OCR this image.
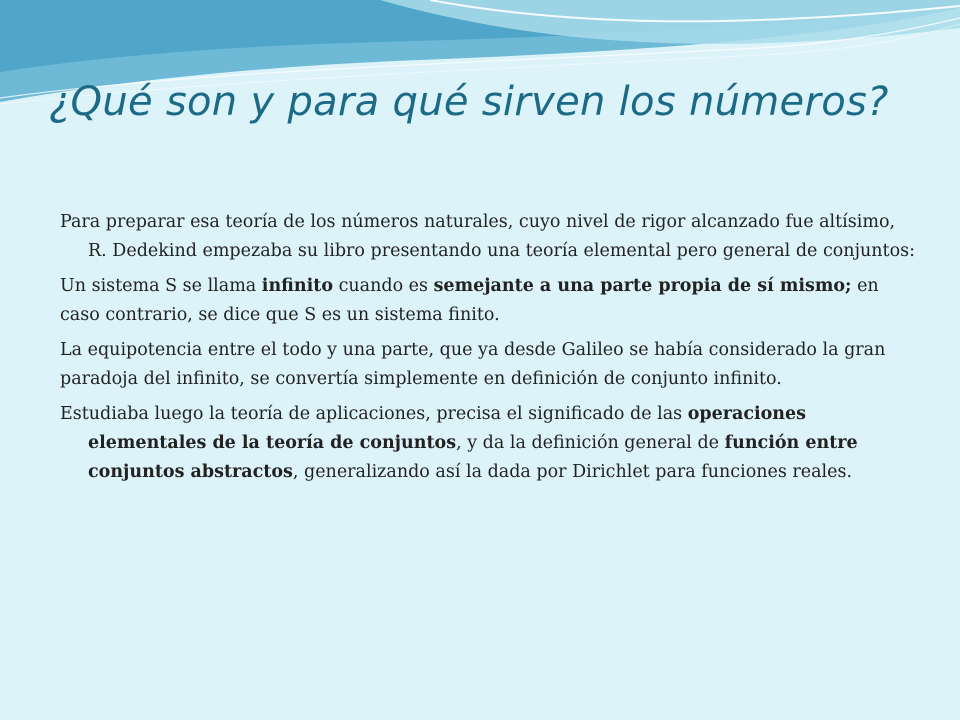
¿Qué son y para qué sirven los números?

Para preparar esa teoría de los números naturales, cuyo nivel de rigor alcanzado fue altísimo, R. Dedekind empezaba su libro presentando una teoría elemental pero general de conjuntos:

Un sistema S se llama infinito cuando es semejante a una parte propia de sí mismo; en caso contrario, se dice que S es un sistema finito.

La equipotencia entre el todo y una parte, que ya desde Galileo se había considerado la gran paradoja del infinito, se convertía simplemente en definición de conjunto infinito.

Estudiaba luego la teoría de aplicaciones, precisa el significado de las operaciones elementales de la teoría de conjuntos, y da la definición general de función entre conjuntos abstractos, generalizando así la dada por Dirichlet para funciones reales.
